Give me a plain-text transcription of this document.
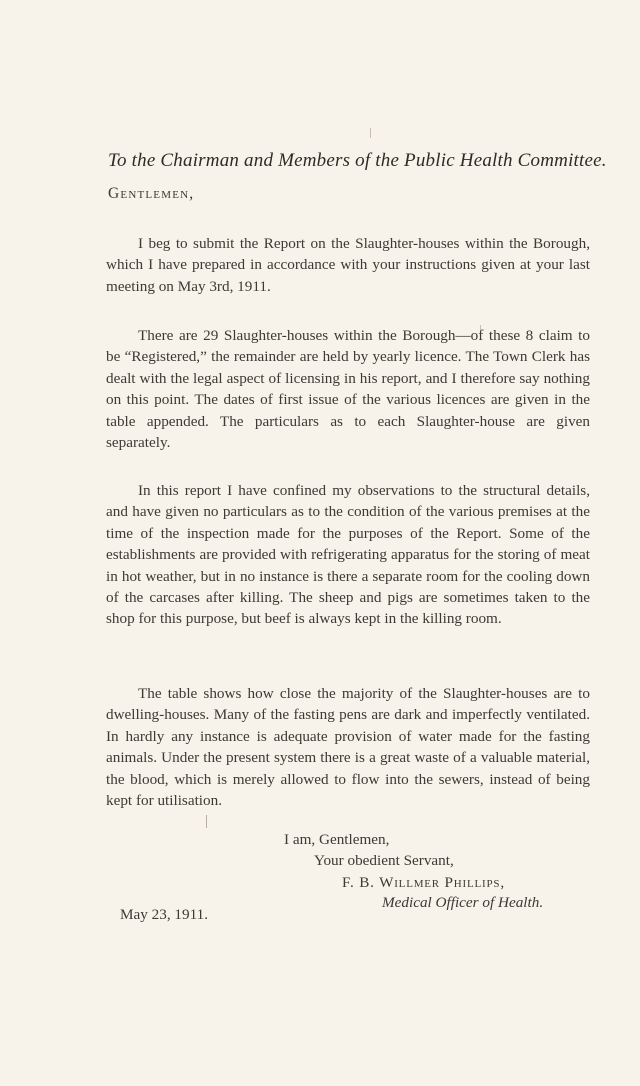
To the Chairman and Members of the Public Health Committee.
Gentlemen,
I beg to submit the Report on the Slaughter-houses within the Borough, which I have prepared in accordance with your instructions given at your last meeting on May 3rd, 1911.
There are 29 Slaughter-houses within the Borough—of these 8 claim to be “Registered,” the remainder are held by yearly licence. The Town Clerk has dealt with the legal aspect of licensing in his report, and I therefore say nothing on this point. The dates of first issue of the various licences are given in the table appended. The particulars as to each Slaughter-house are given separately.
In this report I have confined my observations to the structural details, and have given no particulars as to the condition of the various premises at the time of the inspection made for the purposes of the Report. Some of the establishments are provided with refrigerating apparatus for the storing of meat in hot weather, but in no instance is there a separate room for the cooling down of the carcases after killing. The sheep and pigs are sometimes taken to the shop for this purpose, but beef is always kept in the killing room.
The table shows how close the majority of the Slaughter-houses are to dwelling-houses. Many of the fasting pens are dark and imperfectly ventilated. In hardly any instance is adequate provision of water made for the fasting animals. Under the present system there is a great waste of a valuable material, the blood, which is merely allowed to flow into the sewers, instead of being kept for utilisation.
I am, Gentlemen,
Your obedient Servant,
F. B. Willmer Phillips,
Medical Officer of Health.
May 23, 1911.
